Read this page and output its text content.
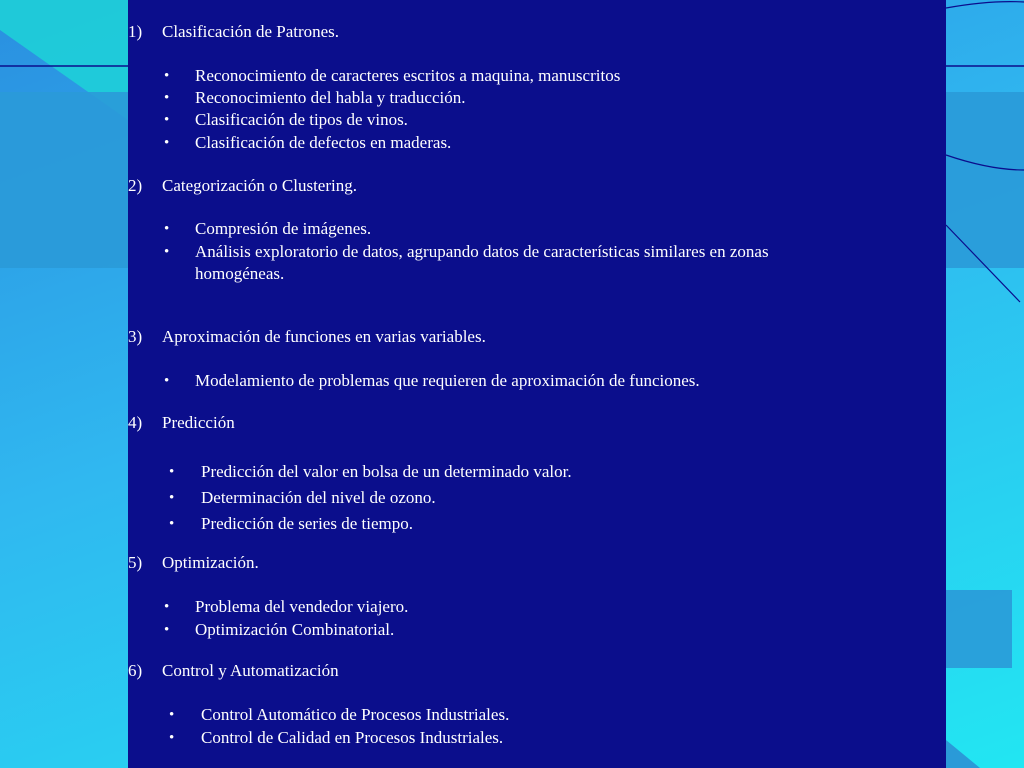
1) Clasificación de Patrones.
• Reconocimiento de caracteres escritos a maquina, manuscritos
• Reconocimiento del habla y traducción.
• Clasificación de tipos de vinos.
• Clasificación de defectos en maderas.
2) Categorización o Clustering.
• Compresión de imágenes.
• Análisis exploratorio de datos, agrupando datos de características similares en zonas
homogéneas.
3) Aproximación de funciones en varias variables.
• Modelamiento de problemas que requieren de aproximación de funciones.
4) Predicción
• Predicción del valor en bolsa de un determinado valor.
• Determinación del nivel de ozono.
• Predicción de series de tiempo.
5) Optimización.
• Problema del vendedor viajero.
• Optimización Combinatorial.
6) Control y Automatización
• Control Automático de Procesos Industriales.
• Control de Calidad en Procesos Industriales.
